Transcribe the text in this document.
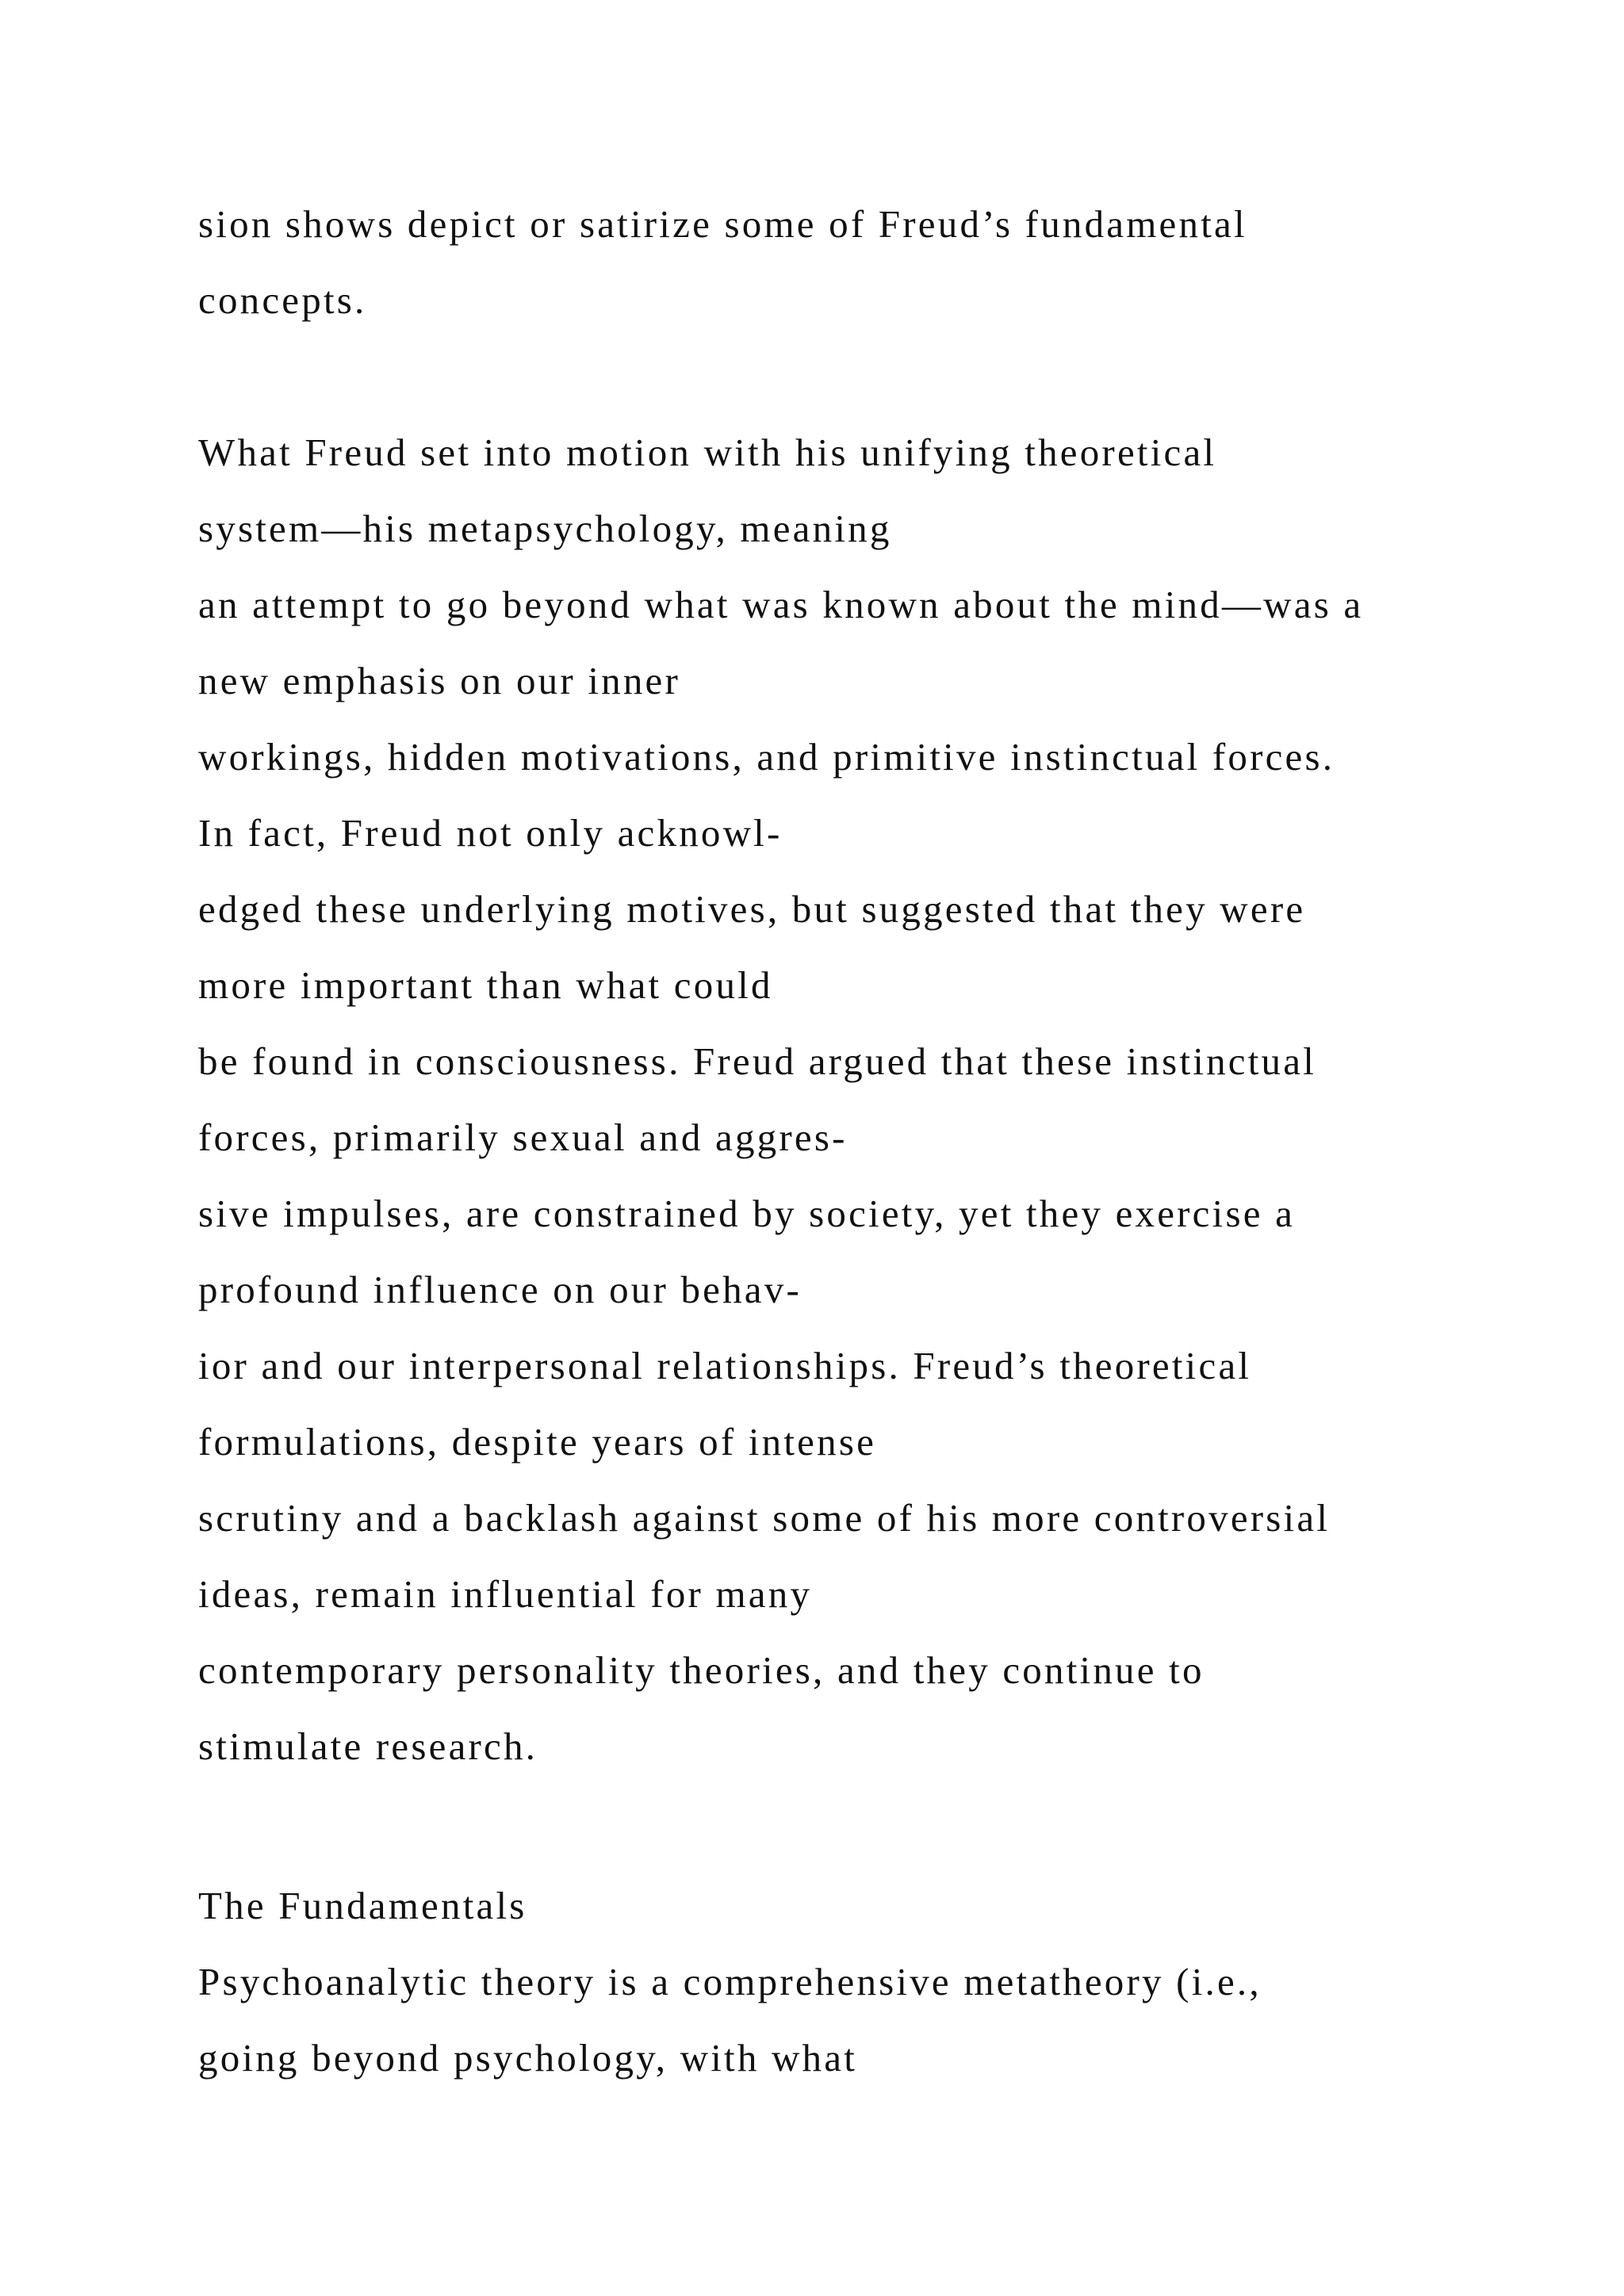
sion shows depict or satirize some of Freud’s fundamental
concepts.
What Freud set into motion with his unifying theoretical
system—his metapsychology, meaning
an attempt to go beyond what was known about the mind—was a
new emphasis on our inner
workings, hidden motivations, and primitive instinctual forces.
In fact, Freud not only acknowl-
edged these underlying motives, but suggested that they were
more important than what could
be found in consciousness. Freud argued that these instinctual
forces, primarily sexual and aggres-
sive impulses, are constrained by society, yet they exercise a
profound influence on our behav-
ior and our interpersonal relationships. Freud’s theoretical
formulations, despite years of intense
scrutiny and a backlash against some of his more controversial
ideas, remain influential for many
contemporary personality theories, and they continue to
stimulate research.
The Fundamentals
Psychoanalytic theory is a comprehensive metatheory (i.e.,
going beyond psychology, with what
